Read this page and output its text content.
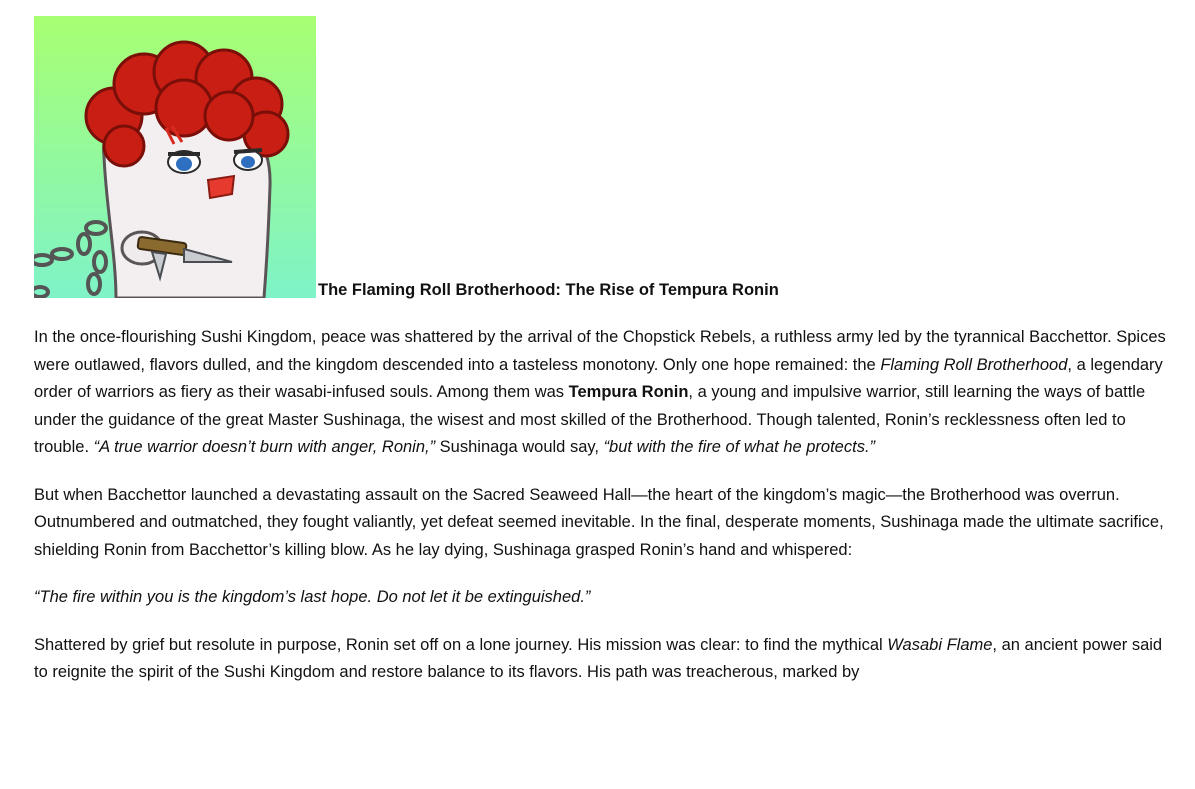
The Flaming Roll Brotherhood: The Rise of Tempura Ronin

In the once-flourishing Sushi Kingdom, peace was shattered by the arrival of the Chopstick Rebels, a ruthless army led by the tyrannical Bacchettor. Spices were outlawed, flavors dulled, and the kingdom descended into a tasteless monotony. Only one hope remained: the Flaming Roll Brotherhood, a legendary order of warriors as fiery as their wasabi-infused souls. Among them was Tempura Ronin, a young and impulsive warrior, still learning the ways of battle under the guidance of the great Master Sushinaga, the wisest and most skilled of the Brotherhood. Though talented, Ronin’s recklessness often led to trouble. “A true warrior doesn’t burn with anger, Ronin,” Sushinaga would say, “but with the fire of what he protects.”

But when Bacchettor launched a devastating assault on the Sacred Seaweed Hall—the heart of the kingdom’s magic—the Brotherhood was overrun. Outnumbered and outmatched, they fought valiantly, yet defeat seemed inevitable. In the final, desperate moments, Sushinaga made the ultimate sacrifice, shielding Ronin from Bacchettor’s killing blow. As he lay dying, Sushinaga grasped Ronin’s hand and whispered:

“The fire within you is the kingdom’s last hope. Do not let it be extinguished.”

Shattered by grief but resolute in purpose, Ronin set off on a lone journey. His mission was clear: to find the mythical Wasabi Flame, an ancient power said to reignite the spirit of the Sushi Kingdom and restore balance to its flavors. His path was treacherous, marked by
